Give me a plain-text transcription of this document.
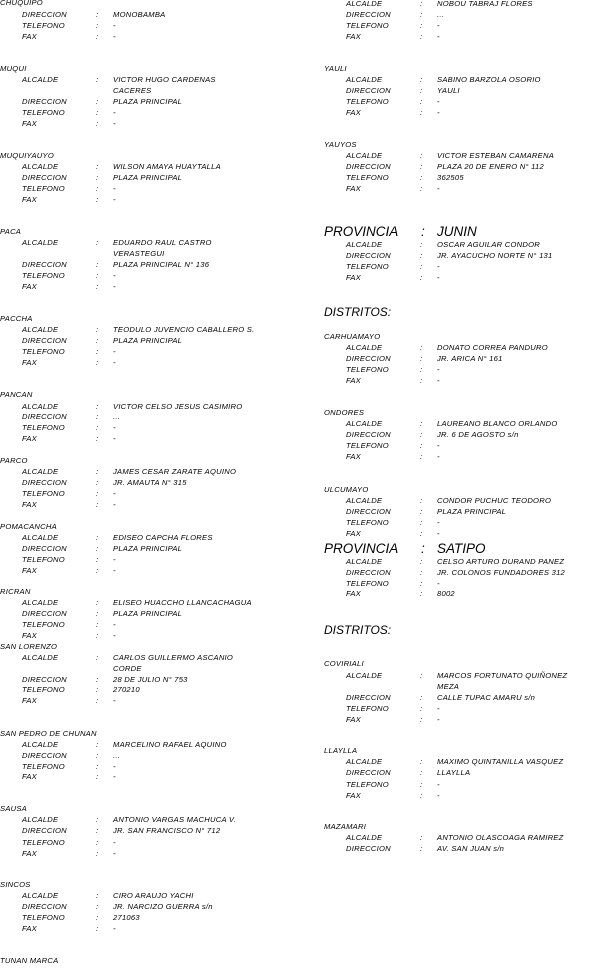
CHUQUIPO
DIRECCION	: MONOBAMBA
TELEFONO	: -
FAX	: -
MUQUI
ALCALDE	: VICTOR HUGO CARDENAS
CACERES
DIRECCION	: PLAZA PRINCIPAL
TELEFONO	: -
FAX	: -
MUQUIYAUYO
ALCALDE	: WILSON AMAYA HUAYTALLA
DIRECCION	: PLAZA PRINCIPAL
TELEFONO	: -
FAX	: -
PACA
ALCALDE	: EDUARDO RAUL CASTRO
VERASTEGUI
DIRECCION	: PLAZA PRINCIPAL N° 136
TELEFONO	: -
FAX	: -
PACCHA
ALCALDE	: TEODULO JUVENCIO CABALLERO S.
DIRECCION	: PLAZA PRINCIPAL
TELEFONO	: -
FAX	: -
PANCAN
ALCALDE	: VICTOR CELSO JESUS CASIMIRO
DIRECCION	: ...
TELEFONO	: -
FAX	: -
PARCO
ALCALDE	: JAMES CESAR ZARATE AQUINO
DIRECCION	: JR. AMAUTA N° 315
TELEFONO	: -
FAX	: -
POMACANCHA
ALCALDE	: EDISEO CAPCHA FLORES
DIRECCION	: PLAZA PRINCIPAL
TELEFONO	: -
FAX	: -
RICRAN
ALCALDE	: ELISEO HUACCHO LLANCACHAGUA
DIRECCION	: PLAZA PRINCIPAL
TELEFONO	: -
FAX	: -
SAN LORENZO
ALCALDE	: CARLOS GUILLERMO ASCANIO
CORDE
DIRECCION	: 28 DE JULIO N° 753
TELEFONO	: 270210
FAX	: -
SAN PEDRO DE CHUNAN
ALCALDE	: MARCELINO RAFAEL AQUINO
DIRECCION	: ...
TELEFONO	: -
FAX	: -
SAUSA
ALCALDE	: ANTONIO VARGAS MACHUCA V.
DIRECCION	: JR. SAN FRANCISCO N° 712
TELEFONO	: -
FAX	: -
SINCOS
ALCALDE	: CIRO ARAUJO YACHI
DIRECCION	: JR. NARCIZO GUERRA s/n
TELEFONO	: 271063
FAX	: -
TUNAN MARCA
ALCALDE	: NOBOU TABRAJ FLORES
DIRECCION	: ...
TELEFONO	: -
FAX	: -
YAULI
ALCALDE	: SABINO BARZOLA OSORIO
DIRECCION	: YAULI
TELEFONO	: -
FAX	: -
YAUYOS
ALCALDE	: VICTOR ESTEBAN CAMARENA
DIRECCION	: PLAZA 20 DE ENERO N° 112
TELEFONO	: 362505
FAX	: -
PROVINCIA : JUNIN
ALCALDE	: OSCAR AGUILAR CONDOR
DIRECCION	: JR. AYACUCHO NORTE N° 131
TELEFONO	: -
FAX	: -
DISTRITOS:
CARHUAMAYO
ALCALDE	: DONATO CORREA PANDURO
DIRECCION	: JR. ARICA N° 161
TELEFONO	: -
FAX	: -
ONDORES
ALCALDE	: LAUREANO BLANCO ORLANDO
DIRECCION	: JR. 6 DE AGOSTO s/n
TELEFONO	: -
FAX	: -
ULCUMAYO
ALCALDE	: CONDOR PUCHUC TEODORO
DIRECCION	: PLAZA PRINCIPAL
TELEFONO	: -
FAX	: -
PROVINCIA : SATIPO
ALCALDE	: CELSO ARTURO DURAND PANEZ
DIRECCION	: JR. COLONOS FUNDADORES 312
TELEFONO	: -
FAX	: 8002
DISTRITOS:
COVIRIALI
ALCALDE	: MARCOS FORTUNATO QUIÑONEZ
MEZA
DIRECCION	: CALLE TUPAC AMARU s/n
TELEFONO	: -
FAX	: -
LLAYLLA
ALCALDE	: MAXIMO QUINTANILLA VASQUEZ
DIRECCION	: LLAYLLA
TELEFONO	: -
FAX	: -
MAZAMARI
ALCALDE	: ANTONIO OLASCOAGA RAMIREZ
DIRECCION	: AV. SAN JUAN s/n
